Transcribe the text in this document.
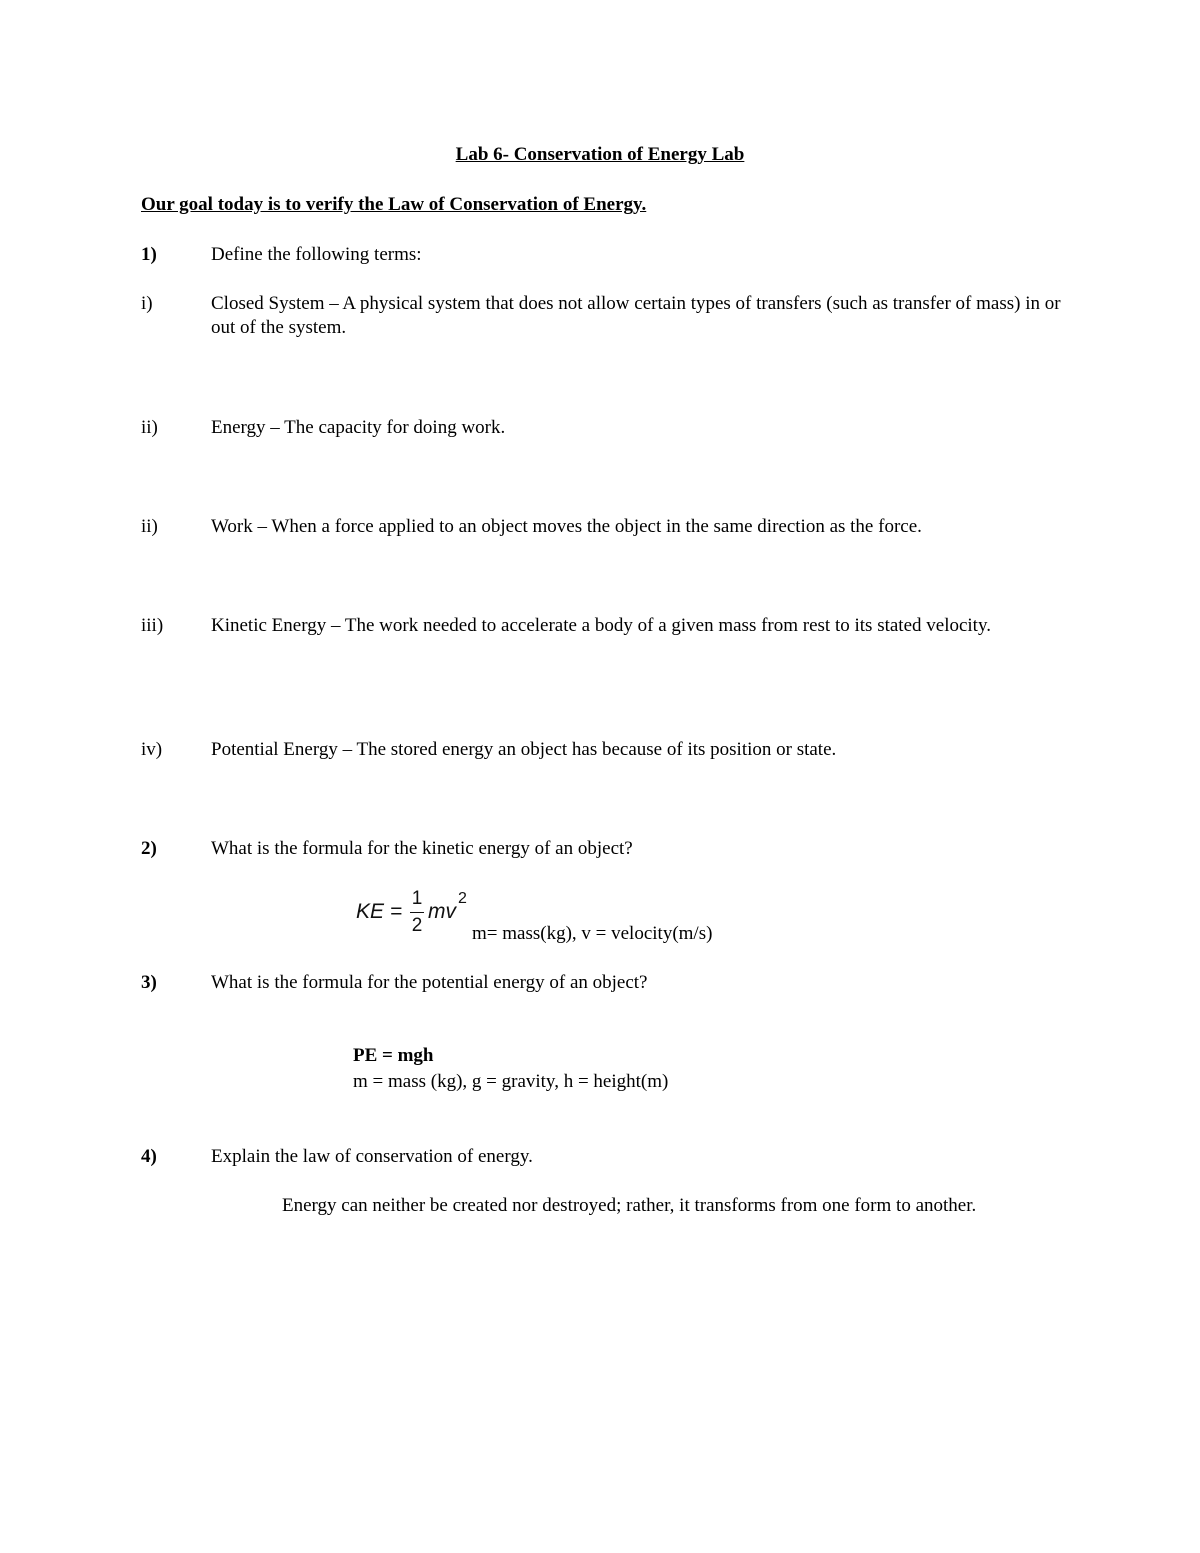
Lab 6- Conservation of Energy Lab
Our goal today is to verify the Law of Conservation of Energy.
1)	Define the following terms:
i)	Closed System – A physical system that does not allow certain types of transfers (such as transfer of mass) in or out of the system.
ii)	Energy – The capacity for doing work.
ii)	Work – When a force applied to an object moves the object in the same direction as the force.
iii)	Kinetic Energy – The work needed to accelerate a body of a given mass from rest to its stated velocity.
iv)	Potential Energy – The stored energy an object has because of its position or state.
2)	What is the formula for the kinetic energy of an object?
KE =
1
2
mv
2
m= mass(kg), v = velocity(m/s)
3)	What is the formula for the potential energy of an object?
PE = mgh
m = mass (kg), g = gravity, h = height(m)
4)	Explain the law of conservation of energy.
Energy can neither be created nor destroyed; rather, it transforms from one form to another.
